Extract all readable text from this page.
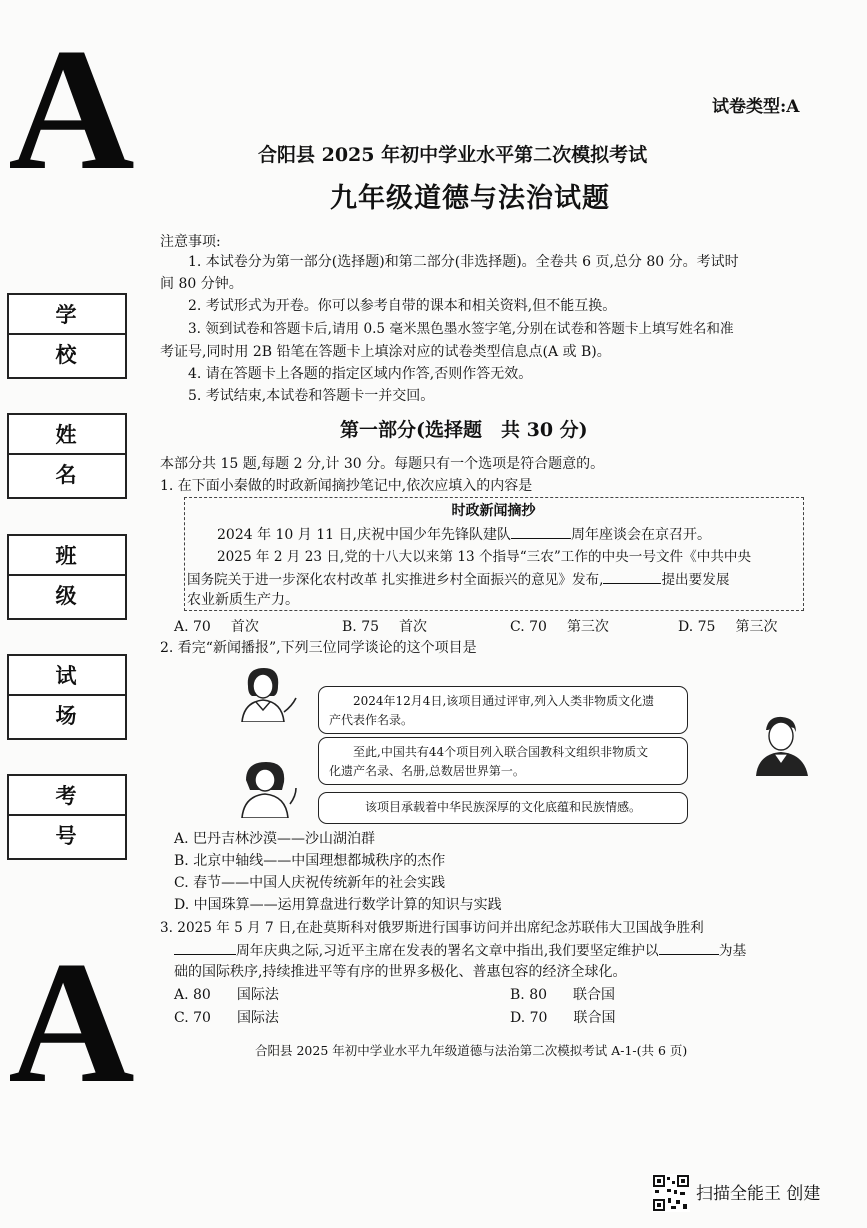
A
A
学 校
姓 名
班 级
试 场
考 号
试卷类型:A
合阳县 2025 年初中学业水平第二次模拟考试
九年级道德与法治试题
注意事项:
1. 本试卷分为第一部分(选择题)和第二部分(非选择题)。全卷共 6 页,总分 80 分。考试时
间 80 分钟。
2. 考试形式为开卷。你可以参考自带的课本和相关资料,但不能互换。
3. 领到试卷和答题卡后,请用 0.5 毫米黑色墨水签字笔,分别在试卷和答题卡上填写姓名和准
考证号,同时用 2B 铅笔在答题卡上填涂对应的试卷类型信息点(A 或 B)。
4. 请在答题卡上各题的指定区域内作答,否则作答无效。
5. 考试结束,本试卷和答题卡一并交回。
第一部分(选择题　共 30 分)
本部分共 15 题,每题 2 分,计 30 分。每题只有一个选项是符合题意的。
1. 在下面小秦做的时政新闻摘抄笔记中,依次应填入的内容是
时政新闻摘抄
2024 年 10 月 11 日,庆祝中国少年先锋队建队	周年座谈会在京召开。
2025 年 2 月 23 日,党的十八大以来第 13 个指导“三农”工作的中央一号文件《中共中央
国务院关于进一步深化农村改革 扎实推进乡村全面振兴的意见》发布,	提出要发展
农业新质生产力。
A. 70 首次	B. 75 首次	C. 70 第三次	D. 75 第三次
2. 看完“新闻播报”,下列三位同学谈论的这个项目是
2024年12月4日,该项目通过评审,列入人类非物质文化遗
产代表作名录。
至此,中国共有44个项目列入联合国教科文组织非物质文
化遗产名录、名册,总数居世界第一。
该项目承载着中华民族深厚的文化底蕴和民族情感。
A. 巴丹吉林沙漠——沙山湖泊群
B. 北京中轴线——中国理想都城秩序的杰作
C. 春节——中国人庆祝传统新年的社会实践
D. 中国珠算——运用算盘进行数学计算的知识与实践
3. 2025 年 5 月 7 日,在赴莫斯科对俄罗斯进行国事访问并出席纪念苏联伟大卫国战争胜利
周年庆典之际,习近平主席在发表的署名文章中指出,我们要坚定维护以	为基
础的国际秩序,持续推进平等有序的世界多极化、普惠包容的经济全球化。
A. 80 国际法	B. 80 联合国
C. 70 国际法	D. 70 联合国
合阳县 2025 年初中学业水平九年级道德与法治第二次模拟考试 A-1-(共 6 页)
扫描全能王 创建
